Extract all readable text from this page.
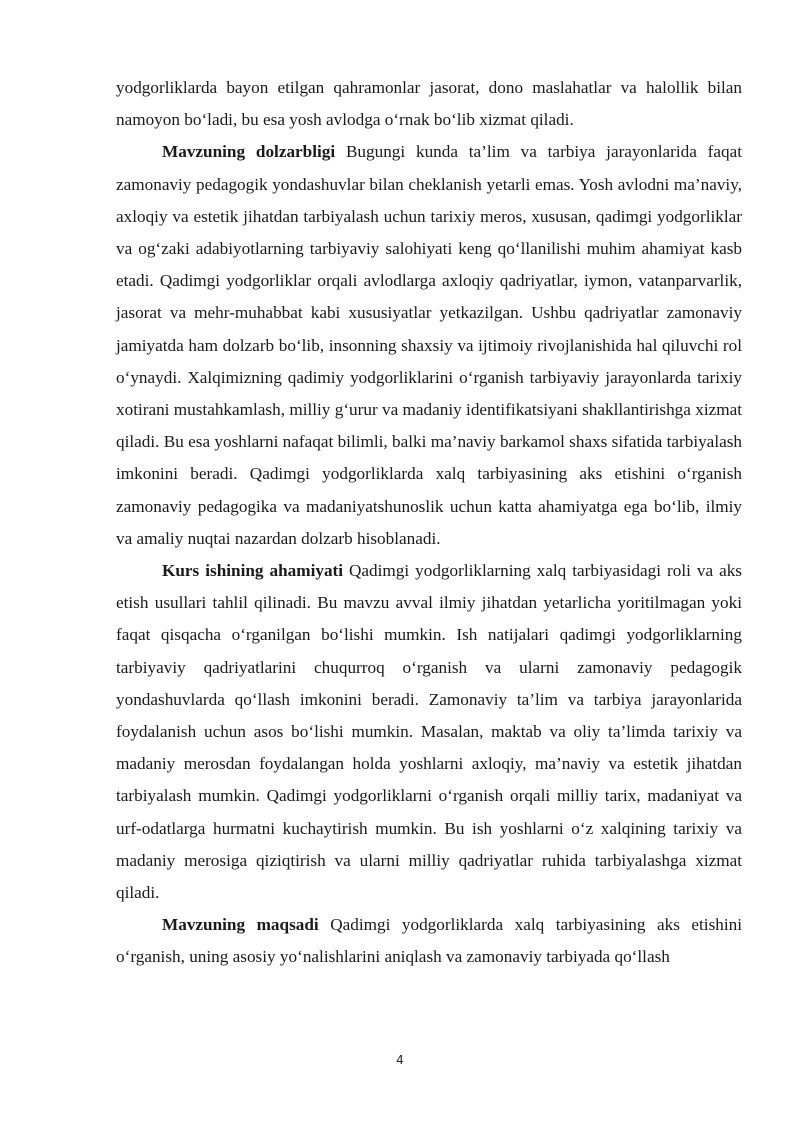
yodgorliklarda bayon etilgan qahramonlar jasorat, dono maslahatlar va halollik bilan namoyon bo‘ladi, bu esa yosh avlodga o‘rnak bo‘lib xizmat qiladi.

Mavzuning dolzarbligi Bugungi kunda ta’lim va tarbiya jarayonlarida faqat zamonaviy pedagogik yondashuvlar bilan cheklanish yetarli emas. Yosh avlodni ma’naviy, axloqiy va estetik jihatdan tarbiyalash uchun tarixiy meros, xususan, qadimgi yodgorliklar va og‘zaki adabiyotlarning tarbiyaviy salohiyati keng qo‘llanilishi muhim ahamiyat kasb etadi. Qadimgi yodgorliklar orqali avlodlarga axloqiy qadriyatlar, iymon, vatanparvarlik, jasorat va mehr-muhabbat kabi xususiyatlar yetkazilgan. Ushbu qadriyatlar zamonaviy jamiyatda ham dolzarb bo‘lib, insonning shaxsiy va ijtimoiy rivojlanishida hal qiluvchi rol o‘ynaydi. Xalqimizning qadimiy yodgorliklarini o‘rganish tarbiyaviy jarayonlarda tarixiy xotirani mustahkamlash, milliy g‘urur va madaniy identifikatsiyani shakllantirishga xizmat qiladi. Bu esa yoshlarni nafaqat bilimli, balki ma’naviy barkamol shaxs sifatida tarbiyalash imkonini beradi. Qadimgi yodgorliklarda xalq tarbiyasining aks etishini o‘rganish zamonaviy pedagogika va madaniyatshunoslik uchun katta ahamiyatga ega bo‘lib, ilmiy va amaliy nuqtai nazardan dolzarb hisoblanadi.

Kurs ishining ahamiyati Qadimgi yodgorliklarning xalq tarbiyasidagi roli va aks etish usullari tahlil qilinadi. Bu mavzu avval ilmiy jihatdan yetarlicha yoritilmagan yoki faqat qisqacha o‘rganilgan bo‘lishi mumkin. Ish natijalari qadimgi yodgorliklarning tarbiyaviy qadriyatlarini chuqurroq o‘rganish va ularni zamonaviy pedagogik yondashuvlarda qo‘llash imkonini beradi. Zamonaviy ta’lim va tarbiya jarayonlarida foydalanish uchun asos bo‘lishi mumkin. Masalan, maktab va oliy ta’limda tarixiy va madaniy merosdan foydalangan holda yoshlarni axloqiy, ma’naviy va estetik jihatdan tarbiyalash mumkin. Qadimgi yodgorliklarni o‘rganish orqali milliy tarix, madaniyat va urf-odatlarga hurmatni kuchaytirish mumkin. Bu ish yoshlarni o‘z xalqining tarixiy va madaniy merosiga qiziqtirish va ularni milliy qadriyatlar ruhida tarbiyalashga xizmat qiladi.

Mavzuning maqsadi Qadimgi yodgorliklarda xalq tarbiyasining aks etishini o‘rganish, uning asosiy yo‘nalishlarini aniqlash va zamonaviy tarbiyada qo‘llash

4
